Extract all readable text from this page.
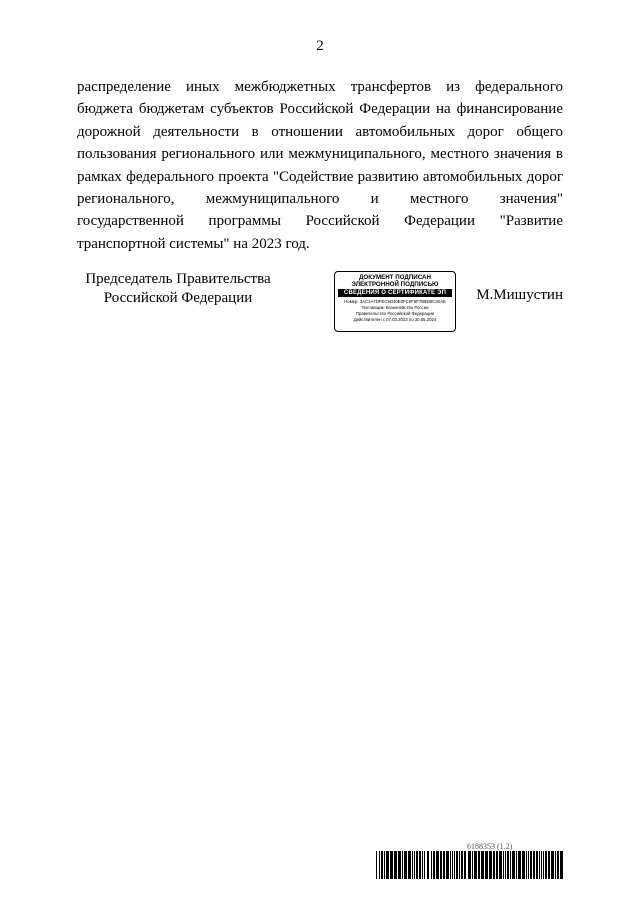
2
распределение иных межбюджетных трансфертов из федерального бюджета бюджетам субъектов Российской Федерации на финансирование дорожной деятельности в отношении автомобильных дорог общего пользования регионального или межмуниципального, местного значения в рамках федерального проекта "Содействие развитию автомобильных дорог регионального, межмуниципального и местного значения" государственной программы Российской Федерации "Развитие транспортной системы" на 2023 год.
Председатель Правительства
Российской Федерации
ДОКУМЕНТ ПОДПИСАН
ЭЛЕКТРОННОЙ ПОДПИСЬЮ
СВЕДЕНИЯ О СЕРТИФИКАТЕ ЭП
Номер: 3AC3A7DFEC5D40E0FC0F6F7B8EBC30AE
Поставщик: Казначейство России
Правительство Российской Федерации
Действителен с 07.03.2023 по 30.05.2024
М.Мишустин
6188353 (1.2)
